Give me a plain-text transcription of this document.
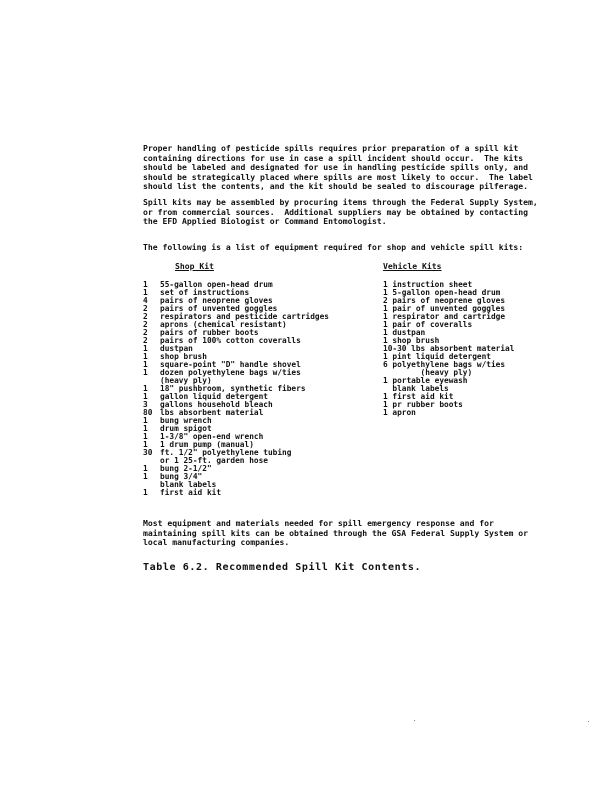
Proper handling of pesticide spills requires prior preparation of a spill kit
containing directions for use in case a spill incident should occur.  The kits
should be labeled and designated for use in handling pesticide spills only, and
should be strategically placed where spills are most likely to occur.  The label
should list the contents, and the kit should be sealed to discourage pilferage.
Spill kits may be assembled by procuring items through the Federal Supply System,
or from commercial sources.  Additional suppliers may be obtained by contacting
the EFD Applied Biologist or Command Entomologist.
The following is a list of equipment required for shop and vehicle spill kits:
Shop Kit
1 55-gallon open-head drum
1 set of instructions
4 pairs of neoprene gloves
2 pairs of unvented goggles
2 respirators and pesticide cartridges
2 aprons (chemical resistant)
2 pairs of rubber boots
2 pairs of 100% cotton coveralls
1 dustpan
1 shop brush
1 square-point "D" handle shovel
1 dozen polyethylene bags w/ties
(heavy ply)
1 18" pushbroom, synthetic fibers
1 gallon liquid detergent
3 gallons household bleach
80 lbs absorbent material
1 bung wrench
1 drum spigot
1 1-3/8" open-end wrench
1 1 drum pump (manual)
30 ft. 1/2" polyethylene tubing
or 1 25-ft. garden hose
1 bung 2-1/2"
1 bung 3/4"
blank labels
1 first aid kit
Vehicle Kits
1 instruction sheet
1 5-gallon open-head drum
2 pairs of neoprene gloves
1 pair of unvented goggles
1 respirator and cartridge
1 pair of coveralls
1 dustpan
1 shop brush
10-30 lbs absorbent material
1 pint liquid detergent
6 polyethylene bags w/ties
(heavy ply)
1 portable eyewash
blank labels
1 first aid kit
1 pr rubber boots
1 apron
Most equipment and materials needed for spill emergency response and for
maintaining spill kits can be obtained through the GSA Federal Supply System or
local manufacturing companies.
Table 6.2. Recommended Spill Kit Contents.
